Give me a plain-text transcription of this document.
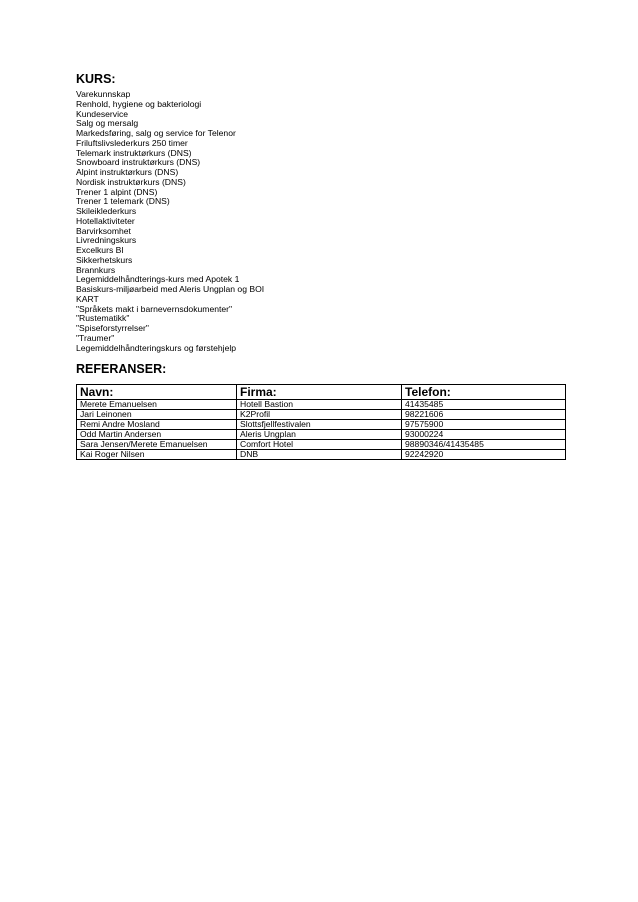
KURS:
Varekunnskap
Renhold, hygiene og bakteriologi
Kundeservice
Salg og mersalg
Markedsføring, salg og service for Telenor
Friluftslivslederkurs 250 timer
Telemark instruktørkurs (DNS)
Snowboard instruktørkurs (DNS)
Alpint instruktørkurs (DNS)
Nordisk instruktørkurs (DNS)
Trener 1 alpint (DNS)
Trener 1 telemark (DNS)
Skileiklederkurs
Hotellaktiviteter
Barvirksomhet
Livredningskurs
Excelkurs BI
Sikkerhetskurs
Brannkurs
Legemiddelhåndterings-kurs med Apotek 1
Basiskurs-miljøarbeid med Aleris Ungplan og BOI
KART
"Språkets makt i barnevernsdokumenter"
"Rustematikk"
"Spiseforstyrrelser"
"Traumer"
Legemiddelhåndteringskurs og førstehjelp
REFERANSER:
Navn:	Firma:	Telefon:
Merete Emanuelsen	Hotell Bastion	41435485
Jari Leinonen	K2Profil	98221606
Remi Andre Mosland	Slottsfjellfestivalen	97575900
Odd Martin Andersen	Aleris Ungplan	93000224
Sara Jensen/Merete Emanuelsen	Comfort Hotel	98890346/41435485
Kai Roger Nilsen	DNB	92242920
